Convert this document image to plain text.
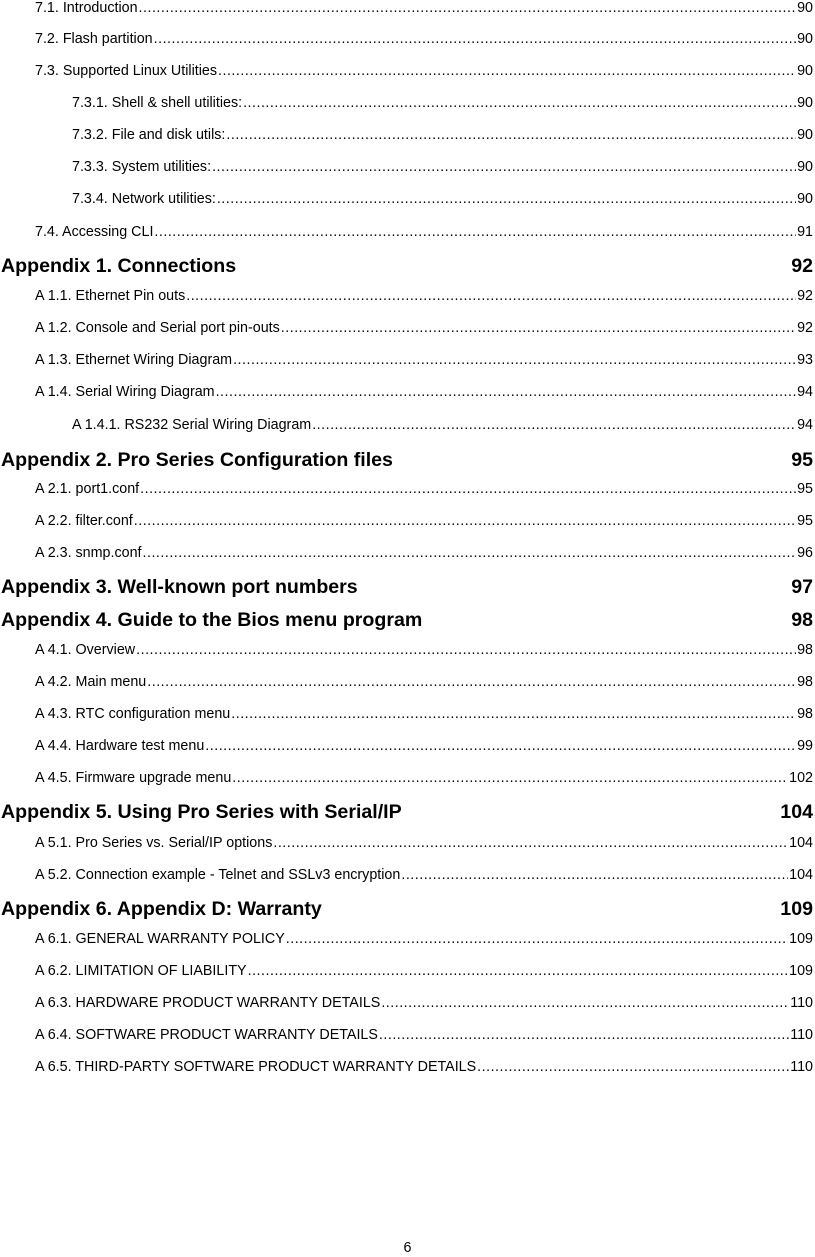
7.1. Introduction .....	90
7.2. Flash partition .....	90
7.3. Supported Linux Utilities .....	90
7.3.1. Shell & shell utilities: .....	90
7.3.2. File and disk utils: .....	90
7.3.3. System utilities: .....	90
7.3.4. Network utilities: .....	90
7.4. Accessing CLI .....	91
Appendix 1. Connections	92
A 1.1. Ethernet Pin outs .....	92
A 1.2. Console and Serial port pin-outs .....	92
A 1.3. Ethernet Wiring Diagram .....	93
A 1.4. Serial Wiring Diagram .....	94
A 1.4.1. RS232 Serial Wiring Diagram .....	94
Appendix 2. Pro Series Configuration files	95
A 2.1. port1.conf .....	95
A 2.2. filter.conf .....	95
A 2.3. snmp.conf .....	96
Appendix 3. Well-known port numbers	97
Appendix 4. Guide to the Bios menu program	98
A 4.1. Overview .....	98
A 4.2. Main menu .....	98
A 4.3. RTC configuration menu .....	98
A 4.4. Hardware test menu .....	99
A 4.5. Firmware upgrade menu .....	102
Appendix 5. Using Pro Series with Serial/IP	104
A 5.1. Pro Series vs. Serial/IP options .....	104
A 5.2. Connection example - Telnet and SSLv3 encryption .....	104
Appendix 6. Appendix D: Warranty	109
A 6.1. GENERAL WARRANTY POLICY .....	109
A 6.2. LIMITATION OF LIABILITY .....	109
A 6.3. HARDWARE PRODUCT WARRANTY DETAILS .....	110
A 6.4. SOFTWARE PRODUCT WARRANTY DETAILS .....	110
A 6.5. THIRD-PARTY SOFTWARE PRODUCT WARRANTY DETAILS .....	110
6
